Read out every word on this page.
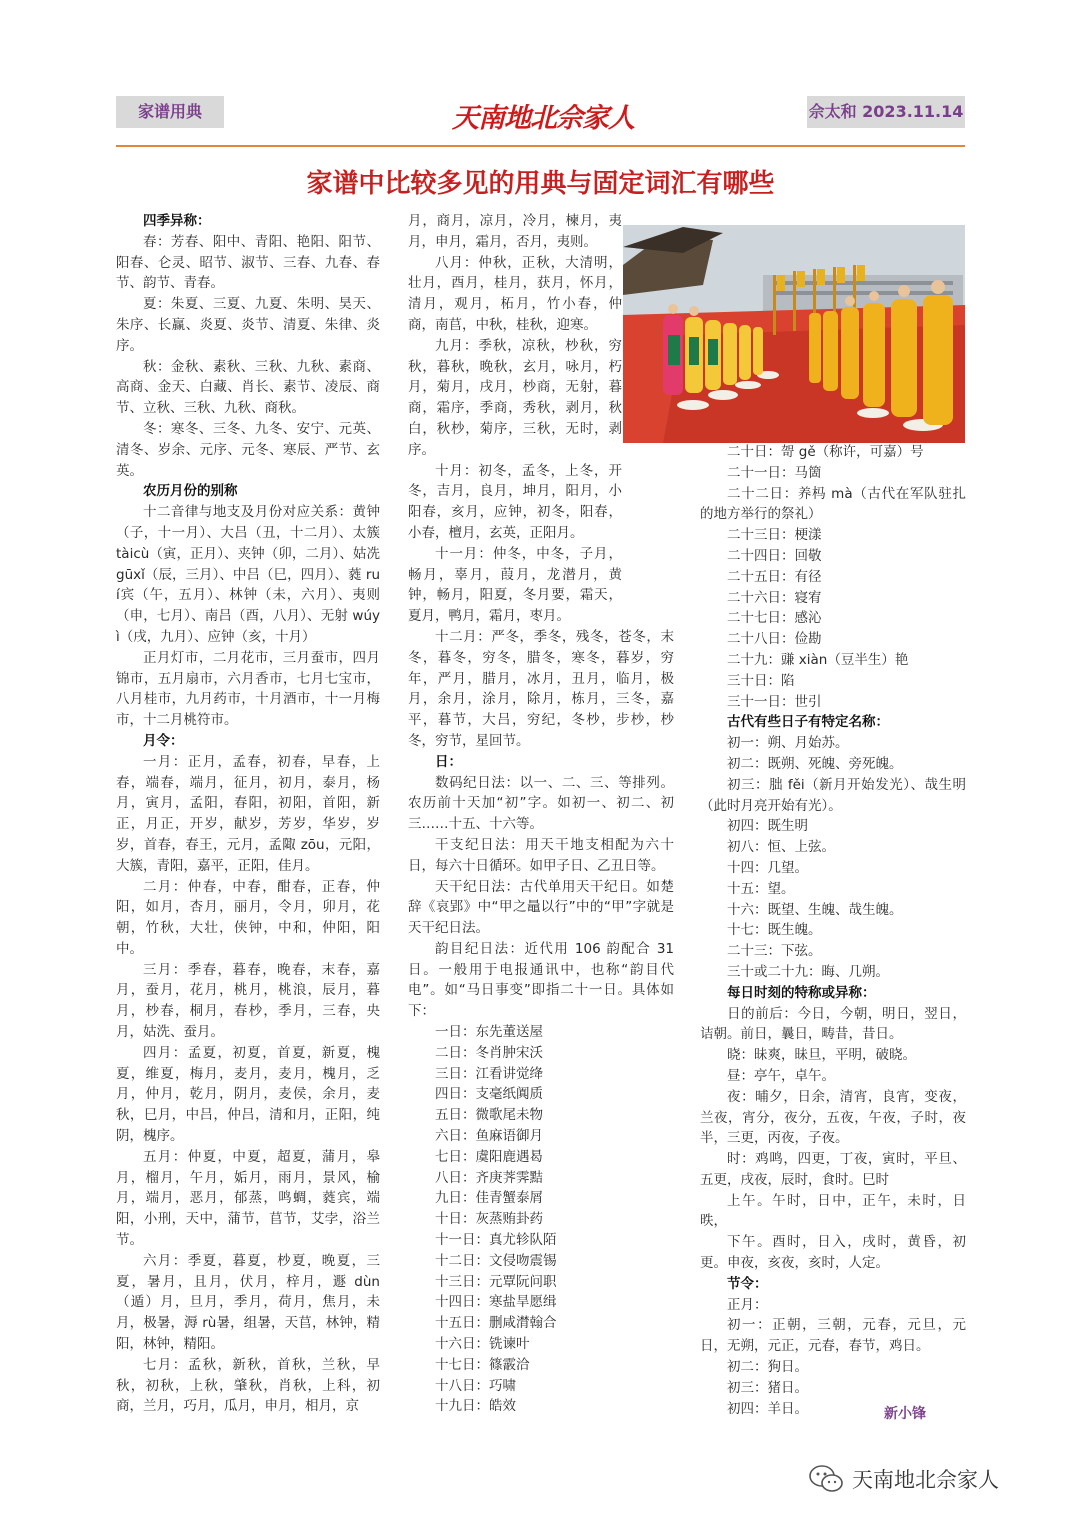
家谱用典	天南地北佘家人	佘太和 2023.11.14
家谱中比较多见的用典与固定词汇有哪些

四季异称：

春：芳春、阳中、青阳、艳阳、阳节、阳春、仑灵、昭节、淑节、三春、九春、春节、韵节、青春。

夏：朱夏、三夏、九夏、朱明、昊天、朱序、长赢、炎夏、炎节、清夏、朱律、炎序。

秋：金秋、素秋、三秋、九秋、素商、高商、金天、白藏、肖长、素节、凌辰、商节、立秋、三秋、九秋、商秋。

冬：寒冬、三冬、九冬、安宁、元英、清冬、岁余、元序、元冬、寒辰、严节、玄英。

农历月份的别称

十二音律与地支及月份对应关系：黄钟（子，十一月）、大吕（丑，十二月）、太簇 tàicù（寅，正月）、夹钟（卯，二月）、姑冼 gūxǐ（辰，三月）、中吕（巳，四月）、蕤 ruí宾（午，五月）、林钟（未，六月）、夷则（申，七月）、南吕（酉，八月）、无射 wúyì（戌，九月）、应钟（亥，十月）

正月灯市，二月花市，三月蚕市，四月锦市，五月扇市，六月香市，七月七宝市，八月桂市，九月药市，十月酒市，十一月梅市，十二月桃符市。

月令：

一月：正月，孟春，初春，早春，上春，端春，端月，征月，初月，泰月，杨月，寅月，孟阳，春阳，初阳，首阳，新正，月正，开岁，献岁，芳岁，华岁，岁岁，首春，春王，元月，孟陬 zōu，元阳，大簇，青阳，嘉平，正阳，佳月。

二月：仲春，中春，酣春，正春，仲阳，如月，杏月，丽月，令月，卯月，花朝，竹秋，大壮，侠钟，中和，仲阳，阳中。

三月：季春，暮春，晚春，末春，嘉月，蚕月，花月，桃月，桃浪，辰月，暮月，杪春，桐月，春杪，季月，三春，央月，姑洗、蚕月。

四月：孟夏，初夏，首夏，新夏，槐夏，维夏，梅月，麦月，麦月，槐月，乏月，仲月，乾月，阴月，麦侯，余月，麦秋，巳月，中吕，仲吕，清和月，正阳，纯阴，槐序。

五月：仲夏，中夏，超夏，蒲月，皋月，榴月，午月，姤月，雨月，景风，榆月，端月，恶月，郁蒸，鸣蜩，蕤宾，端阳，小刑，天中，蒲节，苢节，艾孛，浴兰节。

六月：季夏，暮夏，杪夏，晚夏，三夏，暑月，且月，伏月，梓月，遯 dùn（遁）月，旦月，季月，荷月，焦月，未月，极暑，溽 rù暑，组暑，天苢，林钟，精阳，林钟，精阳。

七月：孟秋，新秋，首秋，兰秋，早秋，初秋，上秋，肇秋，肖秋，上科，初商，兰月，巧月，瓜月，申月，相月，京

月，商月，凉月，冷月，楝月，夷月，申月，霜月，否月，夷则。

八月：仲秋，正秋，大清明，壮月，酉月，桂月，获月，怀月，清月，观月，柘月，竹小春，仲商，南苢，中秋，桂秋，迎寒。

九月：季秋，凉秋，杪秋，穷秋，暮秋，晚秋，玄月，咏月，朽月，菊月，戌月，杪商，无射，暮商，霜序，季商，秀秋，剥月，秋白，秋杪，菊序，三秋，无时，剥序。

十月：初冬，孟冬，上冬，开冬，吉月，良月，坤月，阳月，小阳春，亥月，应钟，初冬，阳春，小春，檀月，玄英，正阳月。

十一月：仲冬，中冬，子月，畅月，辜月，葭月，龙潜月，黄钟，畅月，阳夏，冬月要，霜天，夏月，鸭月，霜月，枣月。

十二月：严冬，季冬，残冬，苍冬，末冬，暮冬，穷冬，腊冬，寒冬，暮岁，穷年，严月，腊月，冰月，丑月，临月，极月，余月，涂月，除月，栋月，三冬，嘉平，暮节，大吕，穷纪，冬杪，步杪，杪冬，穷节，星回节。

日：

数码纪日法：以一、二、三、等排列。农历前十天加“初”字。如初一、初二、初三……十五、十六等。

干支纪日法：用天干地支相配为六十日，每六十日循环。如甲子日、乙丑日等。

天干纪日法：古代单用天干纪日。如楚辞《哀郢》中“甲之鼂以行”中的“甲”字就是天干纪日法。

韵目纪日法：近代用 106 韵配合 31 日。一般用于电报通讯中，也称“韵目代电”。如“马日事变”即指二十一日。具体如下：

一日：东先董送屋

二日：冬肖肿宋沃

三日：江看讲觉绛

四日：支毫纸阗质

五日：微歌尾未物

六日：鱼麻语御月

七日：虞阳鹿遇曷

八日：齐庚荠霁黠

九日：佳青蟹泰屑

十日：灰蒸贿卦药

十一日：真尤轸队陌

十二日：文侵吻震锡

十三日：元覃阮问职

十四日：寒盐旱愿缉

十五日：删咸潸翰合

十六日：铣谏叶

十七日：篠霰洽

十八日：巧啸

十九日：皓效

二十日：哿 gě（称许，可嘉）号

二十一日：马箇

二十二日：养杩 mà（古代在军队驻扎的地方举行的祭礼）

二十三日：梗漾

二十四日：回敬

二十五日：有径

二十六日：寝宥

二十七日：感沁

二十八日：俭勘

二十九：豏 xiàn（豆半生）艳

三十日：陷

三十一日：世引

古代有些日子有特定名称：

初一：朔、月始苏。

初二：既朔、死魄、旁死魄。

初三：朏 fěi（新月开始发光）、哉生明（此时月亮开始有光）。

初四：既生明

初八：恒、上弦。

十四：几望。

十五：望。

十六：既望、生魄、哉生魄。

十七：既生魄。

二十三：下弦。

三十或二十九：晦、几朔。

每日时刻的特称或异称：

日的前后：今日，今朝，明日，翌日，诘朝。前日，曩日，畴昔，昔日。

晓：昧爽，昧旦，平明，破晓。

昼：亭午，卓午。

夜：晡夕，日余，清宵，良宵，变夜，兰夜，宵分，夜分，五夜，午夜，子时，夜半，三更，丙夜，子夜。

时：鸡鸣，四更，丁夜，寅时，平旦、五更，戌夜，辰时，食时。巳时

上午。午时，日中，正午，未时，日昳，

下午。酉时，日入，戌时，黄昏，初更。申夜，亥夜，亥时，人定。

节令：

正月：

初一：正朝，三朝，元春，元旦，元日，无朔，元正，元春，春节，鸡日。

初二：狗日。

初三：猪日。

初四：羊日。	新小锋
天南地北佘家人
